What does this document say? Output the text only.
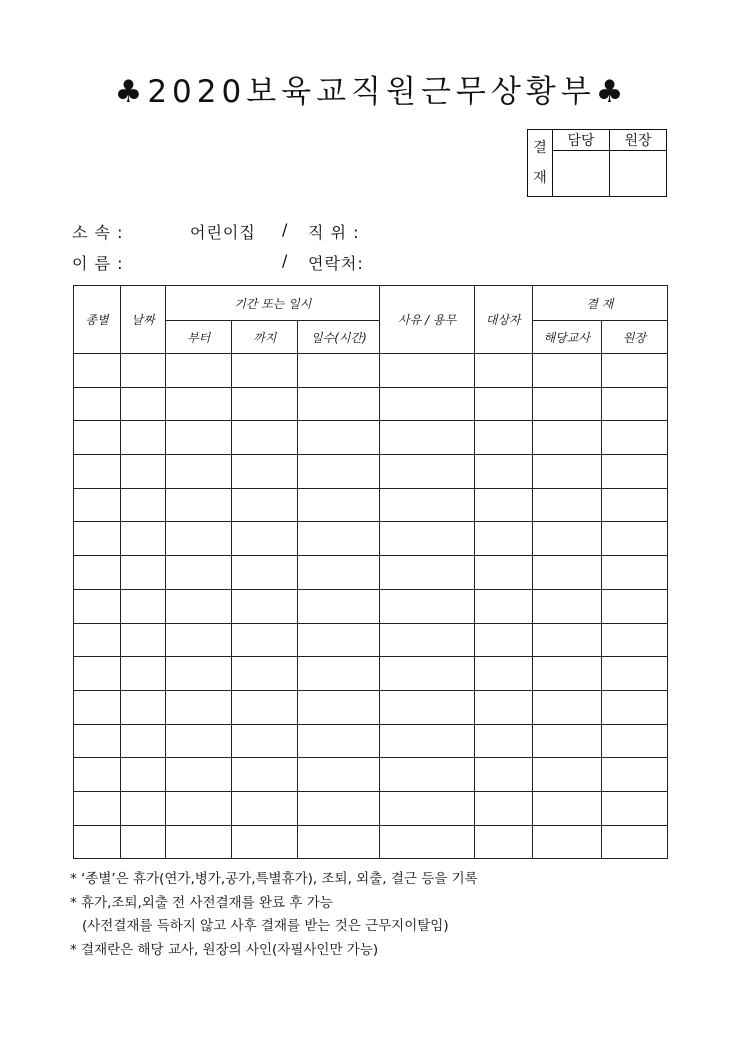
♣2020보육교직원근무상황부♣
결
재	담당	원장

소 속 :	어린이집 / 직 위 :
이 름 :	/ 연락처:
종별	날짜	기간 또는 일시			사유 / 용무	대상자	결 재	
		부터	까지	일수(시간)			해당교사	원장

* ‘종별’은 휴가(연가,병가,공가,특별휴가), 조퇴, 외출, 결근 등을 기록
* 휴가,조퇴,외출 전 사전결재를 완료 후 가능
(사전결재를 득하지 않고 사후 결재를 받는 것은 근무지이탈임)
* 결재란은 해당 교사, 원장의 사인(자필사인만 가능)
